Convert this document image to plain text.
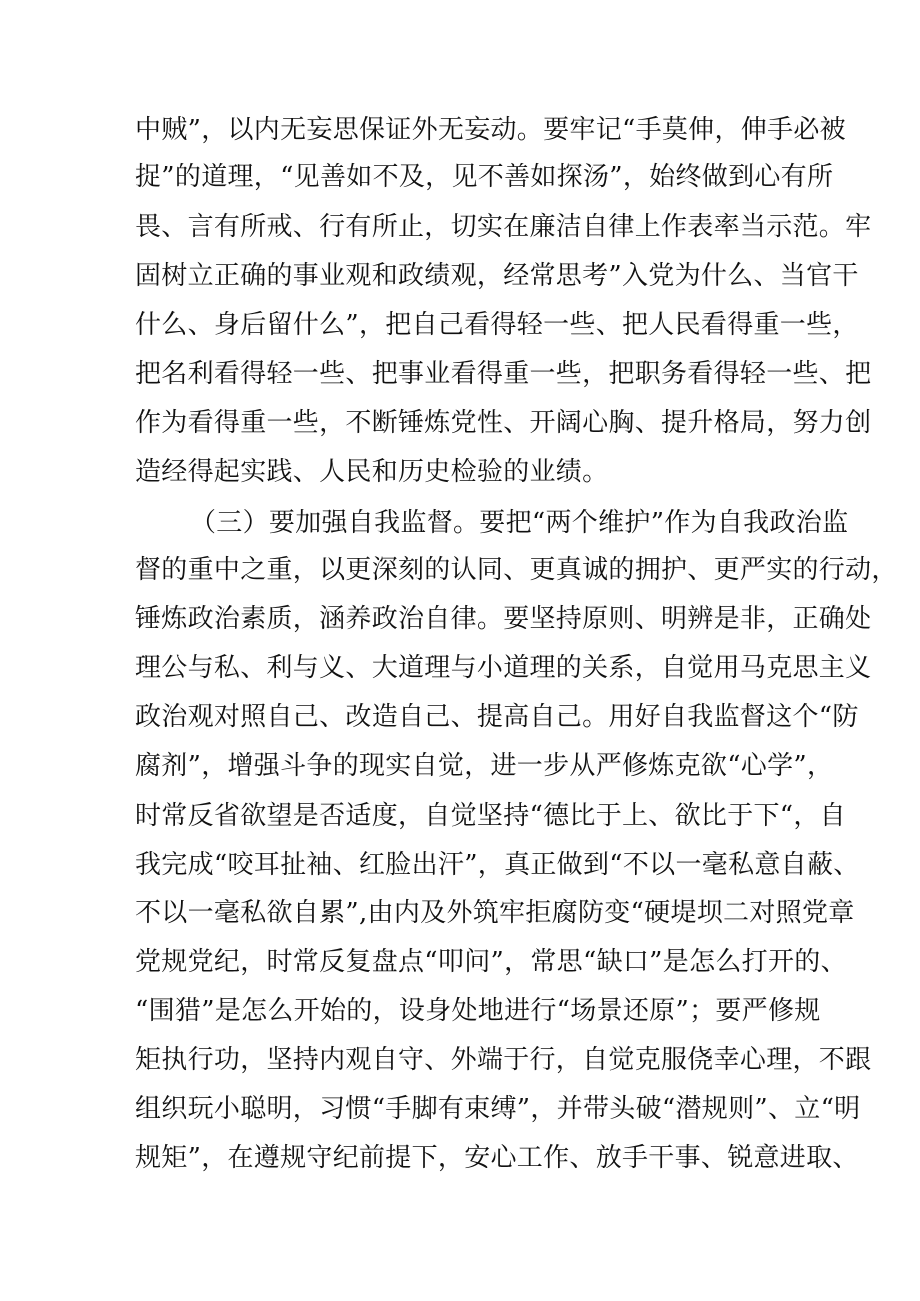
中贼”，以内无妄思保证外无妄动。要牢记“手莫伸，伸手必被
捉”的道理，“见善如不及，见不善如探汤”，始终做到心有所
畏、言有所戒、行有所止，切实在廉洁自律上作表率当示范。牢
固树立正确的事业观和政绩观，经常思考”入党为什么、当官干
什么、身后留什么”，把自己看得轻一些、把人民看得重一些，
把名利看得轻一些、把事业看得重一些，把职务看得轻一些、把
作为看得重一些，不断锤炼党性、开阔心胸、提升格局，努力创
造经得起实践、人民和历史检验的业绩。
（三）要加强自我监督。要把“两个维护”作为自我政治监
督的重中之重，以更深刻的认同、更真诚的拥护、更严实的行动，
锤炼政治素质，涵养政治自律。要坚持原则、明辨是非，正确处
理公与私、利与义、大道理与小道理的关系，自觉用马克思主义
政治观对照自己、改造自己、提高自己。用好自我监督这个“防
腐剂”，增强斗争的现实自觉，进一步从严修炼克欲“心学”，
时常反省欲望是否适度，自觉坚持“德比于上、欲比于下“，自
我完成“咬耳扯袖、红脸出汗”，真正做到“不以一毫私意自蔽、
不以一毫私欲自累”,由内及外筑牢拒腐防变“硬堤坝二对照党章
党规党纪，时常反复盘点“叩问”，常思“缺口”是怎么打开的、
“围猎”是怎么开始的，设身处地进行“场景还原”；要严修规
矩执行功，坚持内观自守、外端于行，自觉克服侥幸心理，不跟
组织玩小聪明，习惯“手脚有束缚”，并带头破“潜规则”、立“明
规矩”，在遵规守纪前提下，安心工作、放手干事、锐意进取、
